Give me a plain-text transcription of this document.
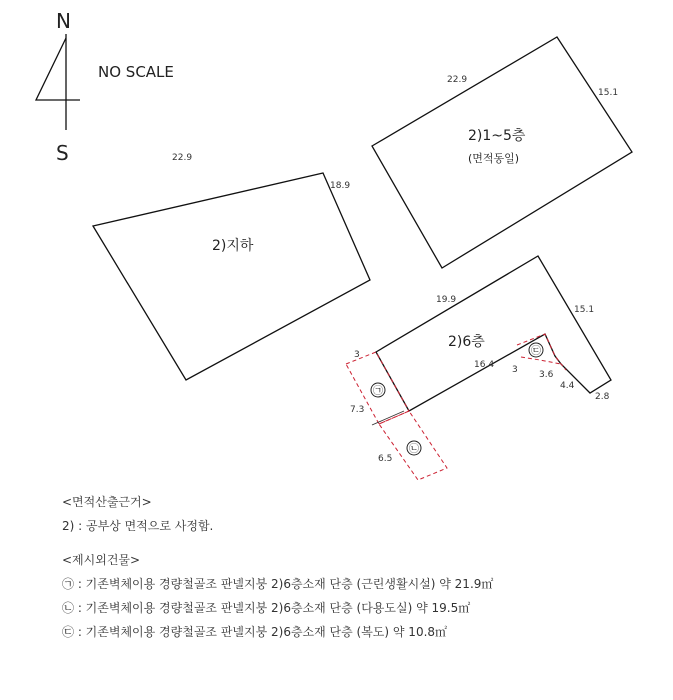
N
S
NO SCALE
22.9
18.9
2)지하
22.9
15.1
2)1~5층
(면적동일)
19.9
15.1
16.4
3
3 3.6
4.4
2.8
2)6층
7.3
6.5
㉠
㉡
㉢
<면적산출근거>
2) : 공부상 면적으로 사정함.
<제시외건물>
㉠ : 기존벽체이용 경량철골조 판넬지붕 2)6층소재 단층 (근린생활시설) 약 21.9㎡
㉡ : 기존벽체이용 경량철골조 판넬지붕 2)6층소재 단층 (다용도실) 약 19.5㎡
㉢ : 기존벽체이용 경량철골조 판넬지붕 2)6층소재 단층 (복도) 약 10.8㎡
